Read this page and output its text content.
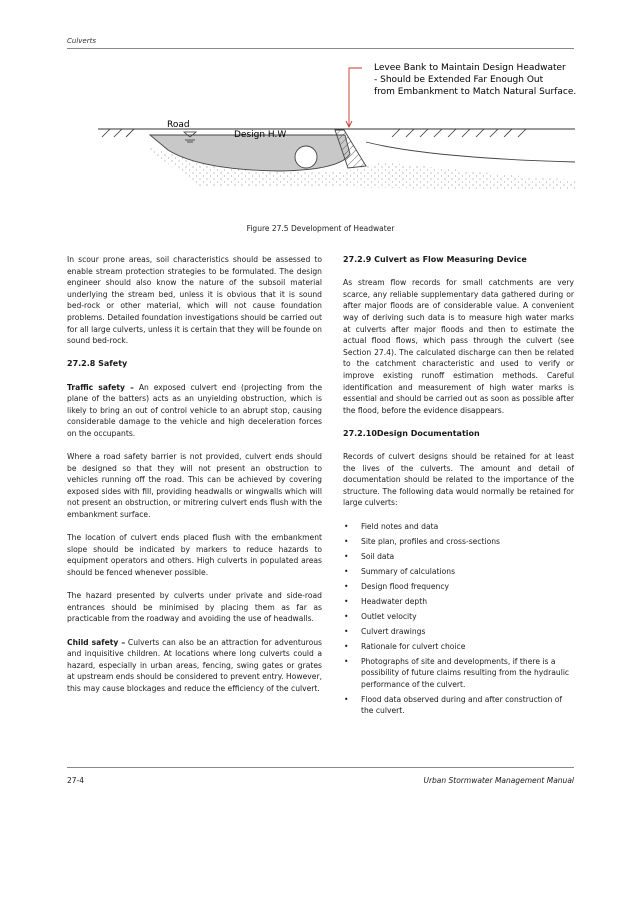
Culverts
Levee Bank to Maintain Design Headwater
- Should be Extended Far Enough Out
from Embankment to Match Natural Surface.
Road
Design H.W
Figure 27.5 Development of Headwater

In scour prone areas, soil characteristics should be assessed to enable stream protection strategies to be formulated. The design engineer should also know the nature of the subsoil material underlying the stream bed, unless it is obvious that it is sound bed-rock or other material, which will not cause foundation problems. Detailed foundation investigations should be carried out for all large culverts, unless it is certain that they will be founde on sound bed-rock.

27.2.8 Safety

Traffic safety – An exposed culvert end (projecting from the plane of the batters) acts as an unyielding obstruction, which is likely to bring an out of control vehicle to an abrupt stop, causing considerable damage to the vehicle and high deceleration forces on the occupants.

Where a road safety barrier is not provided, culvert ends should be designed so that they will not present an obstruction to vehicles running off the road. This can be achieved by covering exposed sides with fill, providing headwalls or wingwalls which will not present an obstruction, or mitrering culvert ends flush with the embankment surface.

The location of culvert ends placed flush with the embankment slope should be indicated by markers to reduce hazards to equipment operators and others. High culverts in populated areas should be fenced whenever possible.

The hazard presented by culverts under private and side-road entrances should be minimised by placing them as far as practicable from the roadway and avoiding the use of headwalls.

Child safety – Culverts can also be an attraction for adventurous and inquisitive children. At locations where long culverts could a hazard, especially in urban areas, fencing, swing gates or grates at upstream ends should be considered to prevent entry. However, this may cause blockages and reduce the efficiency of the culvert.

27.2.9 Culvert as Flow Measuring Device

As stream flow records for small catchments are very scarce, any reliable supplementary data gathered during or after major floods are of considerable value. A convenient way of deriving such data is to measure high water marks at culverts after major floods and then to estimate the actual flood flows, which pass through the culvert (see Section 27.4). The calculated discharge can then be related to the catchment characteristic and used to verify or improve existing runoff estimation methods. Careful identification and measurement of high water marks is essential and should be carried out as soon as possible after the flood, before the evidence disappears.

27.2.10Design Documentation

Records of culvert designs should be retained for at least the lives of the culverts. The amount and detail of documentation should be related to the importance of the structure. The following data would normally be retained for large culverts:

• Field notes and data
• Site plan, profiles and cross-sections
• Soil data
• Summary of calculations
• Design flood frequency
• Headwater depth
• Outlet velocity
• Culvert drawings
• Rationale for culvert choice
• Photographs of site and developments, if there is a possibility of future claims resulting from the hydraulic performance of the culvert.
• Flood data observed during and after construction of the culvert.
27-4	Urban Stormwater Management Manual
